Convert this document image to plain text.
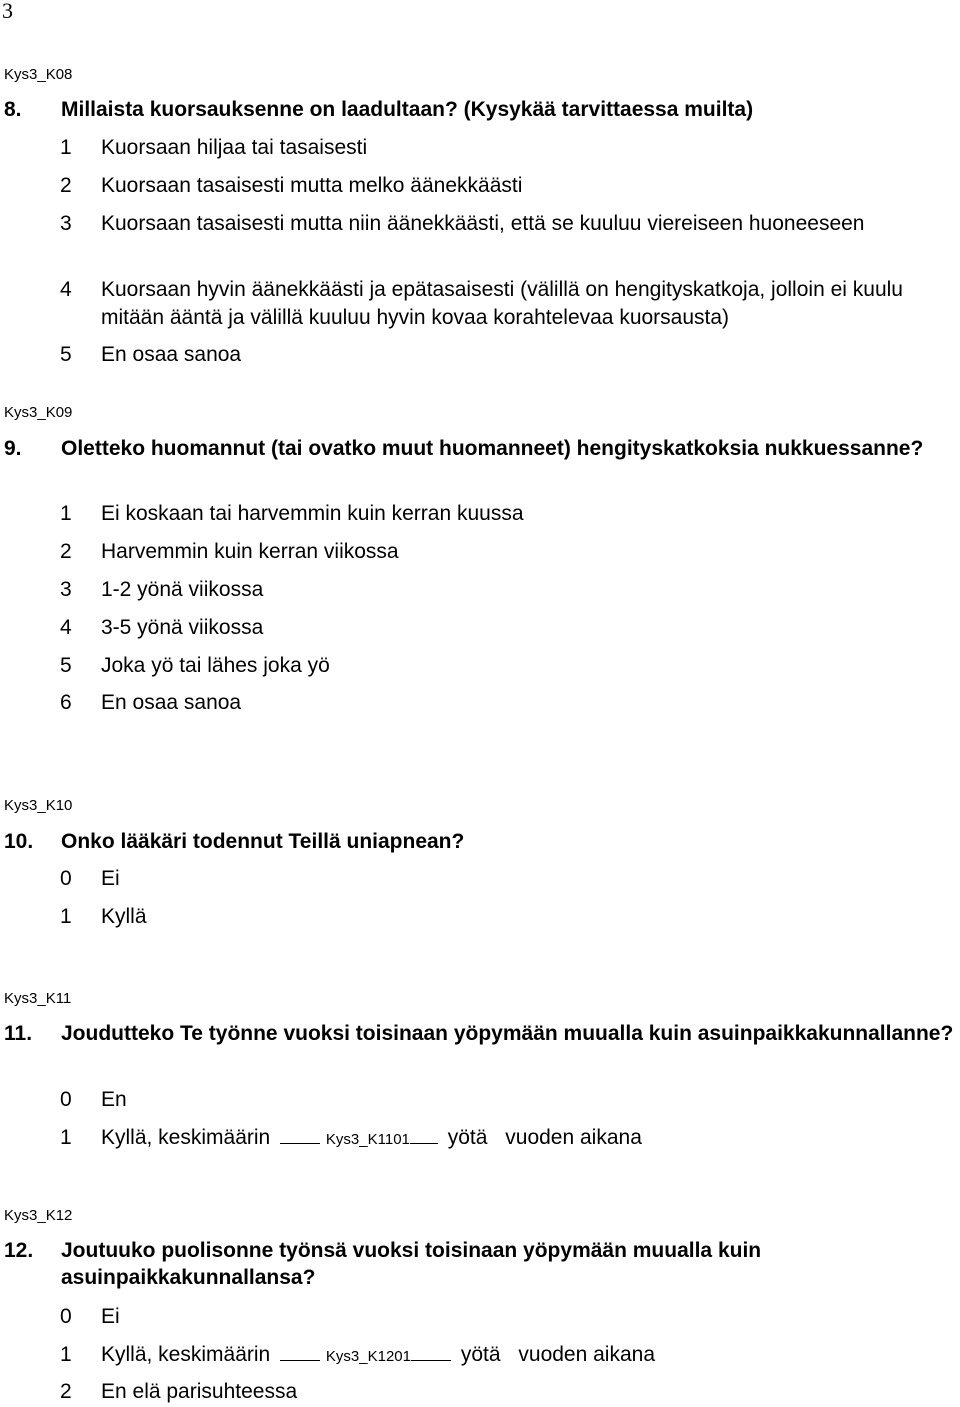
3
Kys3_K08
8. Millaista kuorsauksenne on laadultaan? (Kysykää tarvittaessa muilta)
1 Kuorsaan hiljaa tai tasaisesti
2 Kuorsaan tasaisesti mutta melko äänekkäästi
3 Kuorsaan tasaisesti mutta niin äänekkäästi, että se kuuluu viereiseen huoneeseen
4 Kuorsaan hyvin äänekkäästi ja epätasaisesti (välillä on hengityskatkoja, jolloin ei kuulu mitään ääntä ja välillä kuuluu hyvin kovaa korahtelevaa kuorsausta)
5 En osaa sanoa
Kys3_K09
9. Oletteko huomannut (tai ovatko muut huomanneet) hengityskatkoksia nukkuessanne?
1 Ei koskaan tai harvemmin kuin kerran kuussa
2 Harvemmin kuin kerran viikossa
3 1-2 yönä viikossa
4 3-5 yönä viikossa
5 Joka yö tai lähes joka yö
6 En osaa sanoa
Kys3_K10
10. Onko lääkäri todennut Teillä uniapnean?
0 Ei
1 Kyllä
Kys3_K11
11. Joudutteko Te työnne vuoksi toisinaan yöpymään muualla kuin asuinpaikkakunnallanne?
0 En
1 Kyllä, keskimäärin	Kys3_K1101 yötä vuoden aikana
Kys3_K12
12. Joutuuko puolisonne työnsä vuoksi toisinaan yöpymään muualla kuin asuinpaikkakunnallansa?
0 Ei
1 Kyllä, keskimäärin	Kys3_K1201 yötä vuoden aikana
2 En elä parisuhteessa
